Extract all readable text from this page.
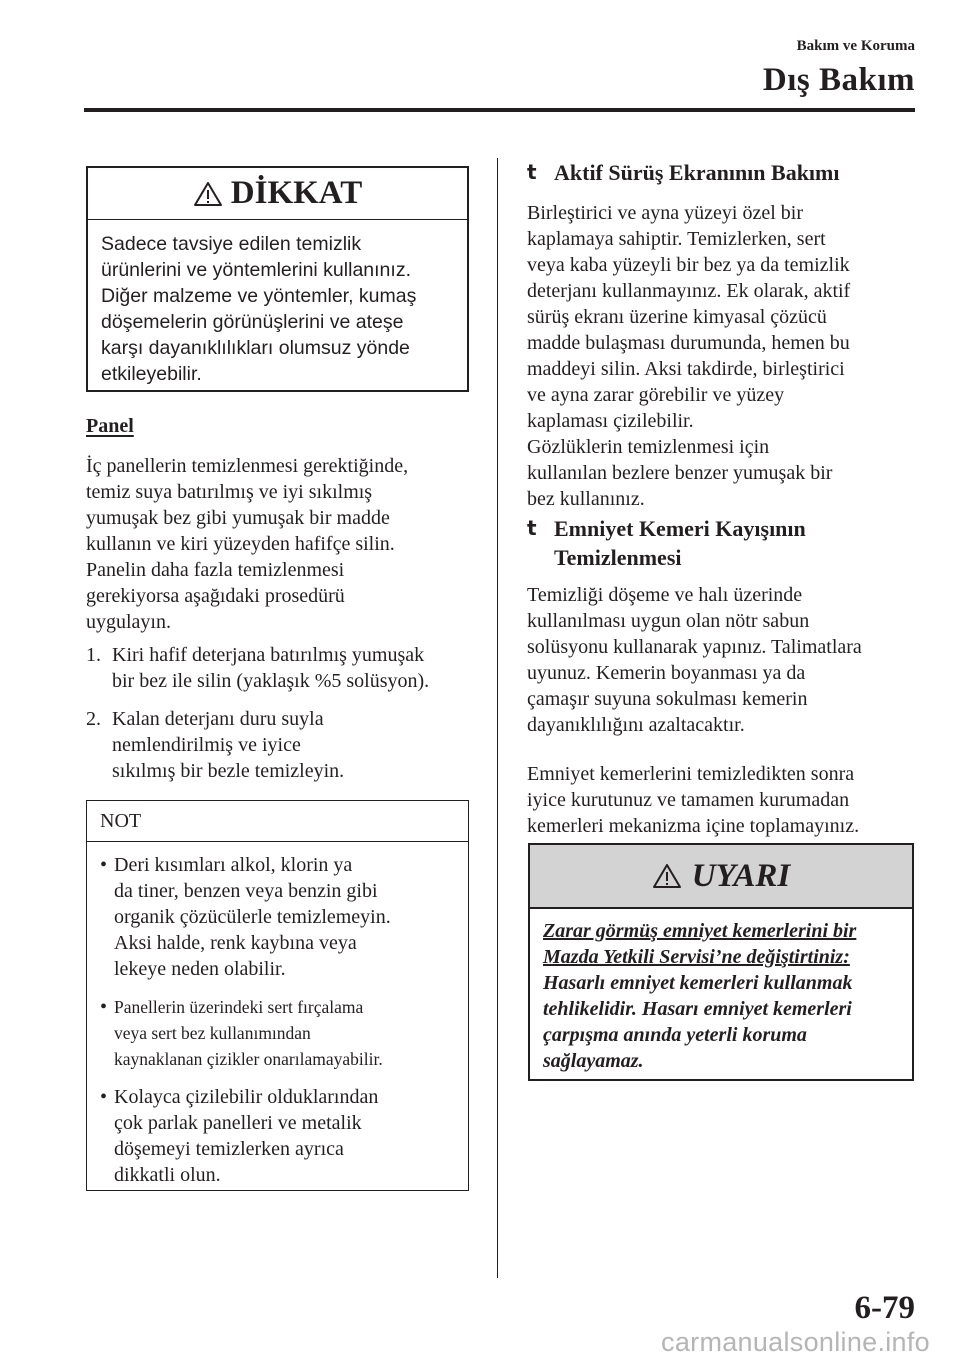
Bakım ve Koruma
Dış Bakım
DİKKAT
Sadece tavsiye edilen temizlik
ürünlerini ve yöntemlerini kullanınız.
Diğer malzeme ve yöntemler, kumaş
döşemelerin görünüşlerini ve ateşe
karşı dayanıklılıkları olumsuz yönde
etkileyebilir.
Panel
İç panellerin temizlenmesi gerektiğinde,
temiz suya batırılmış ve iyi sıkılmış
yumuşak bez gibi yumuşak bir madde
kullanın ve kiri yüzeyden hafifçe silin.
Panelin daha fazla temizlenmesi
gerekiyorsa aşağıdaki prosedürü
uygulayın.
1. Kiri hafif deterjana batırılmış yumuşak
bir bez ile silin (yaklaşık %5 solüsyon).
2. Kalan deterjanı duru suyla
nemlendirilmiş ve iyice
sıkılmış bir bezle temizleyin.
NOT
• Deri kısımları alkol, klorin ya
da tiner, benzen veya benzin gibi
organik çözücülerle temizlemeyin.
Aksi halde, renk kaybına veya
lekeye neden olabilir.
• Panellerin üzerindeki sert fırçalama
veya sert bez kullanımından
kaynaklanan çizikler onarılamayabilir.
• Kolayca çizilebilir olduklarından
çok parlak panelleri ve metalik
döşemeyi temizlerken ayrıca
dikkatli olun.
t Aktif Sürüş Ekranının Bakımı
Birleştirici ve ayna yüzeyi özel bir
kaplamaya sahiptir. Temizlerken, sert
veya kaba yüzeyli bir bez ya da temizlik
deterjanı kullanmayınız. Ek olarak, aktif
sürüş ekranı üzerine kimyasal çözücü
madde bulaşması durumunda, hemen bu
maddeyi silin. Aksi takdirde, birleştirici
ve ayna zarar görebilir ve yüzey
kaplaması çizilebilir.
Gözlüklerin temizlenmesi için
kullanılan bezlere benzer yumuşak bir
bez kullanınız.
t Emniyet Kemeri Kayışının
Temizlenmesi
Temizliği döşeme ve halı üzerinde
kullanılması uygun olan nötr sabun
solüsyonu kullanarak yapınız. Talimatlara
uyunuz. Kemerin boyanması ya da
çamaşır suyuna sokulması kemerin
dayanıklılığını azaltacaktır.
Emniyet kemerlerini temizledikten sonra
iyice kurutunuz ve tamamen kurumadan
kemerleri mekanizma içine toplamayınız.
UYARI
Zarar görmüş emniyet kemerlerini bir
Mazda Yetkili Servisi’ne değiştirtiniz:
Hasarlı emniyet kemerleri kullanmak
tehlikelidir. Hasarı emniyet kemerleri
çarpışma anında yeterli koruma
sağlayamaz.
6-79
carmanualsonline.info
